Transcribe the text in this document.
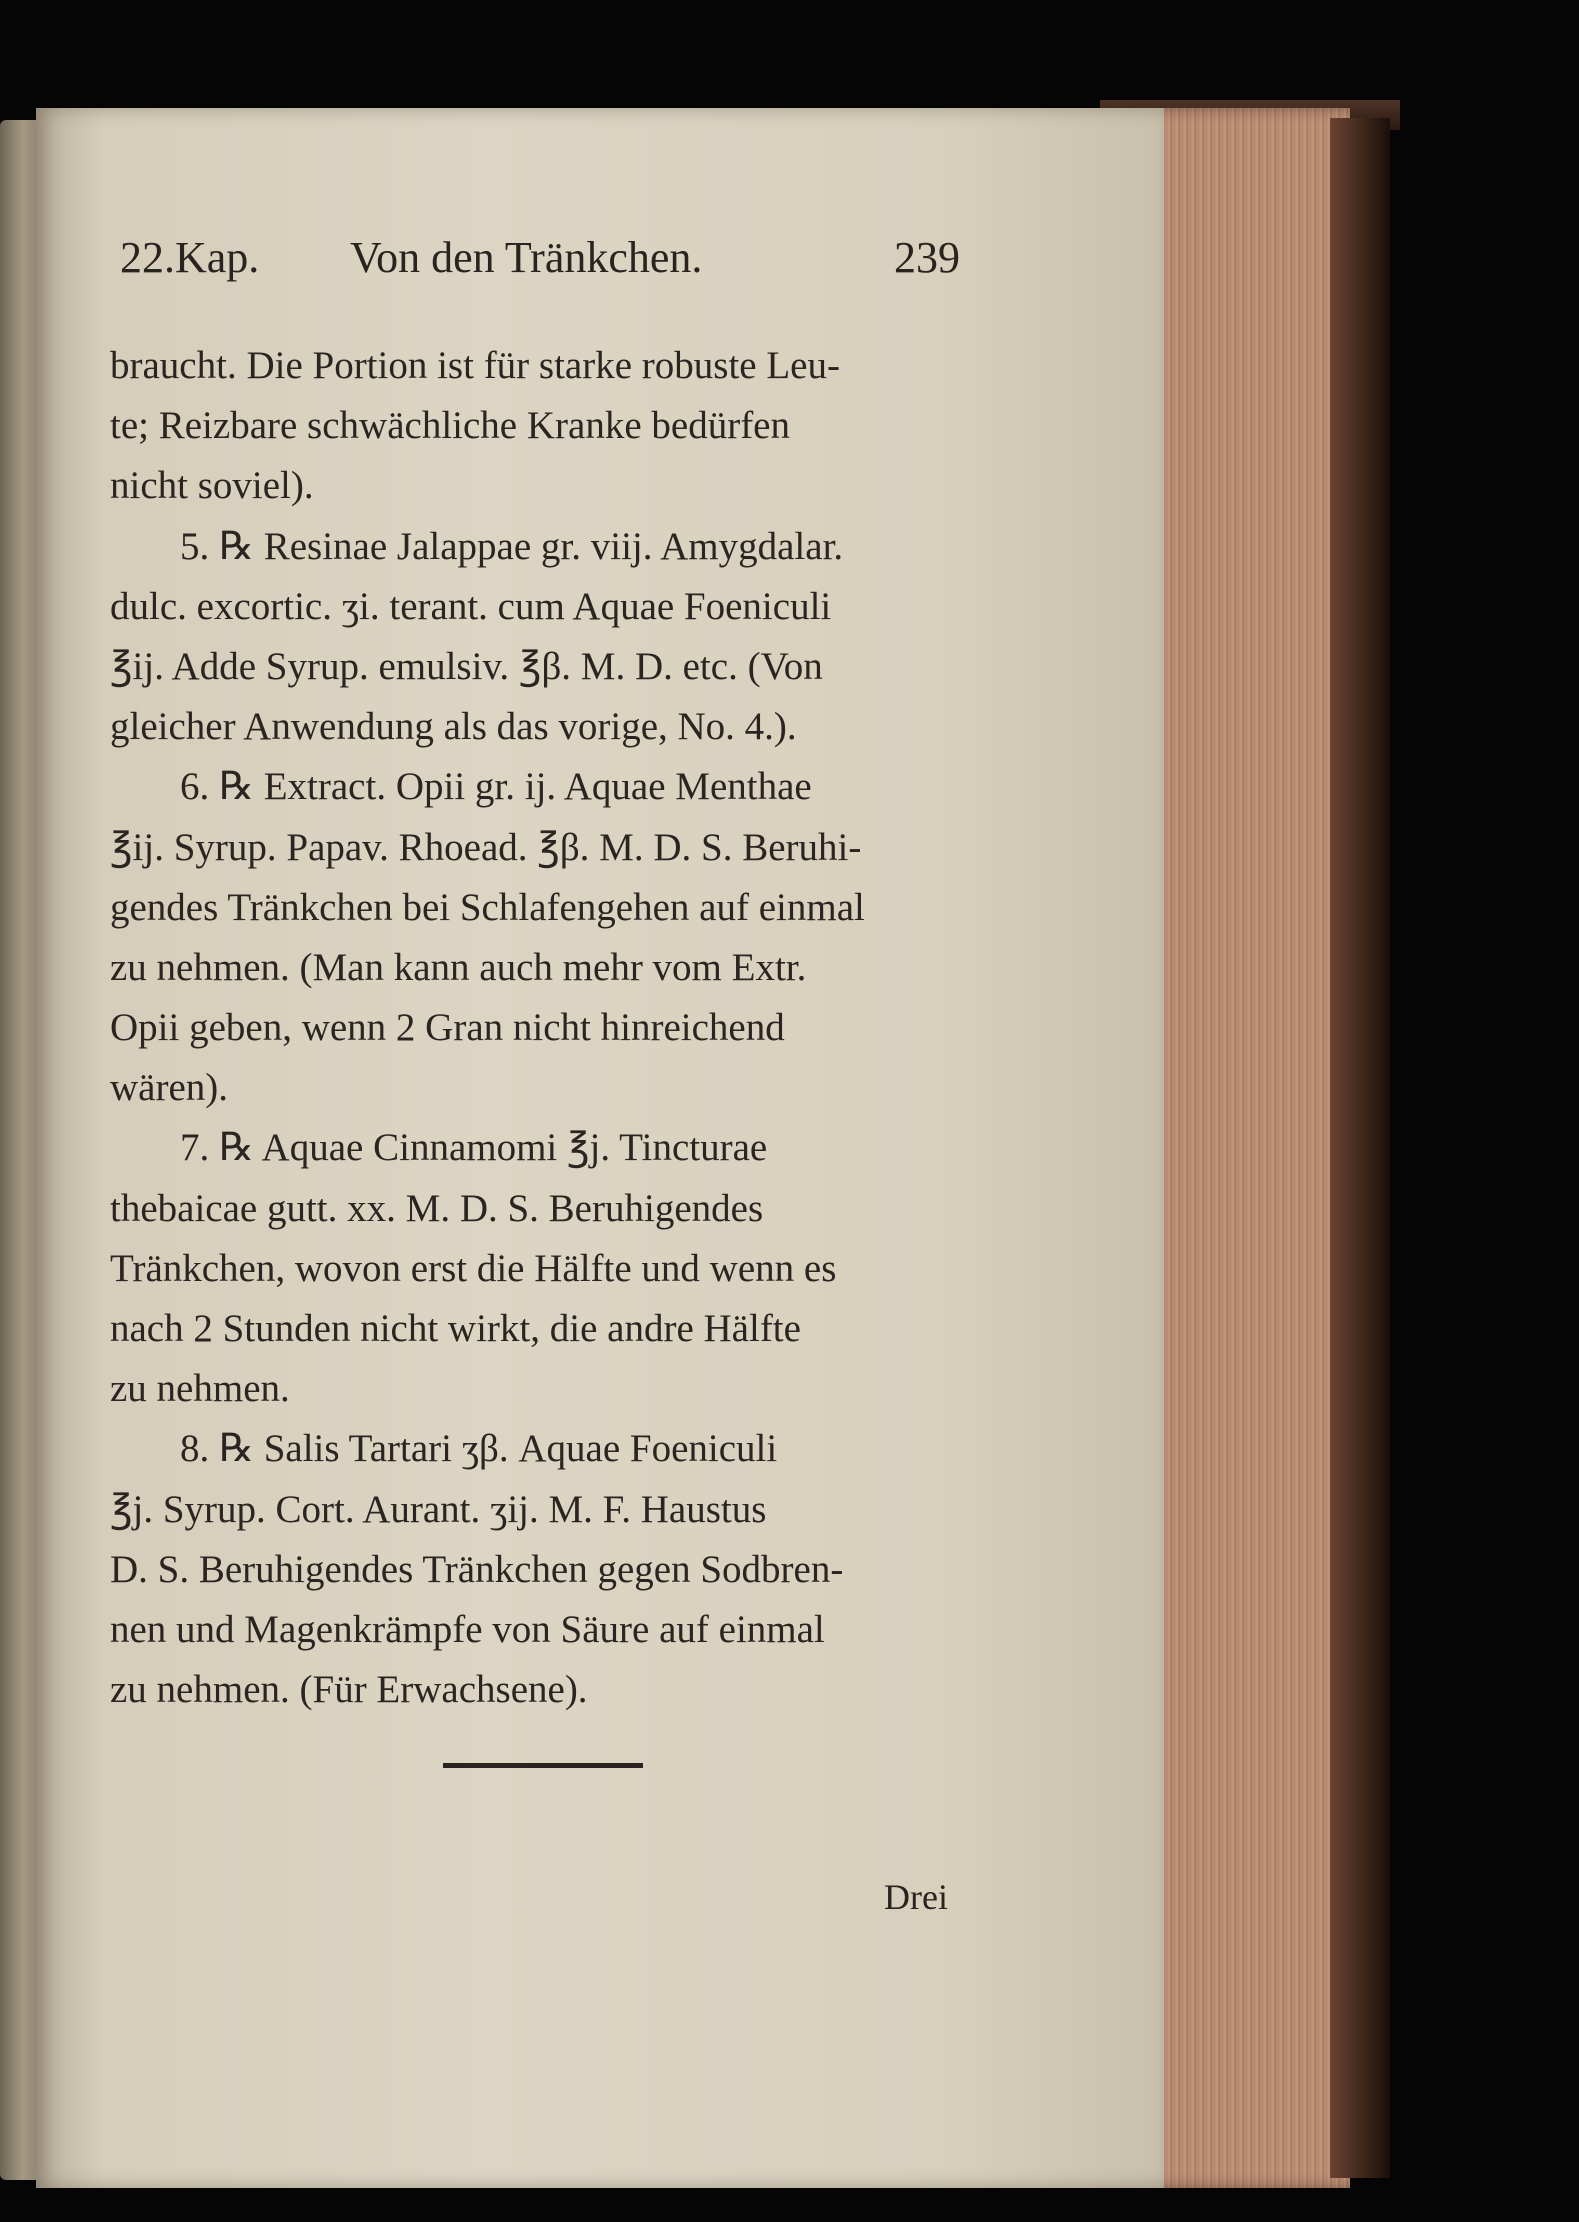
22.Kap. Von den Tränkchen.	239
braucht. Die Portion ist für starke robuste Leu-
te; Reizbare schwächliche Kranke bedürfen
nicht soviel).
5. ℞ Resinae Jalappae gr. viij. Amygdalar.
dulc. excortic. ʒi. terant. cum Aquae Foeniculi
℥ij. Adde Syrup. emulsiv. ℥β. M. D. etc. (Von
gleicher Anwendung als das vorige, No. 4.).
6. ℞ Extract. Opii gr. ij. Aquae Menthae
℥ij. Syrup. Papav. Rhoead. ℥β. M. D. S. Beruhi-
gendes Tränkchen bei Schlafengehen auf einmal
zu nehmen. (Man kann auch mehr vom Extr.
Opii geben, wenn 2 Gran nicht hinreichend
wären).
7. ℞ Aquae Cinnamomi ℥j. Tincturae
thebaicae gutt. xx. M. D. S. Beruhigendes
Tränkchen, wovon erst die Hälfte und wenn es
nach 2 Stunden nicht wirkt, die andre Hälfte
zu nehmen.
8. ℞ Salis Tartari ʒβ. Aquae Foeniculi
℥j. Syrup. Cort. Aurant. ʒij. M. F. Haustus
D. S. Beruhigendes Tränkchen gegen Sodbren-
nen und Magenkrämpfe von Säure auf einmal
zu nehmen. (Für Erwachsene).
Drei
